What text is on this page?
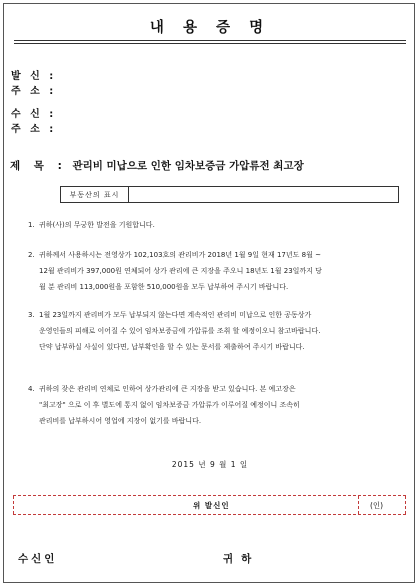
내 용 증 명
발 신 :
주 소 :
수 신 :
주 소 :
제 목 : 관리비 미납으로 인한 임차보증금 가압류전 최고장
부동산의 표시
1. 귀하(사)의 무궁한 발전을 기원합니다.
2. 귀하께서 사용하시는 전영상가 102,103호의 관리비가 2018년 1월 9일 현재 17년도 8월 ~
12월 관리비가 397,000원 연체되어 상가 관리에 큰 지장을 주오니 18년도 1월 23일까지 당
월 분 관리비 113,000원을 포함한 510,000원을 모두 납부하여 주시기 바랍니다.
3. 1월 23일까지 관리비가 모두 납부되지 않는다면 계속적인 관리비 미납으로 인한 공동상가
운영인들의 피해로 이어질 수 있어 임차보증금에 가압류를 조취 할 예정이오니 참고바랍니다.
단약 납부하실 사실이 있다면, 납부확인을 할 수 있는 문서를 제출하여 주시기 바랍니다.
4. 귀하의 잦은 관리비 연체로 인하여 상가관리에 큰 지장을 받고 있습니다. 본 예고장은
"최고장" 으로 이 후 별도에 통지 없이 임차보증금 가압류가 이루어질 예정이니 조속히
관리비를 납부하시어 영업에 지장이 없기를 바랍니다.
2015 년 9 월 1 일
위 발신인	(인)
수신인	귀하
